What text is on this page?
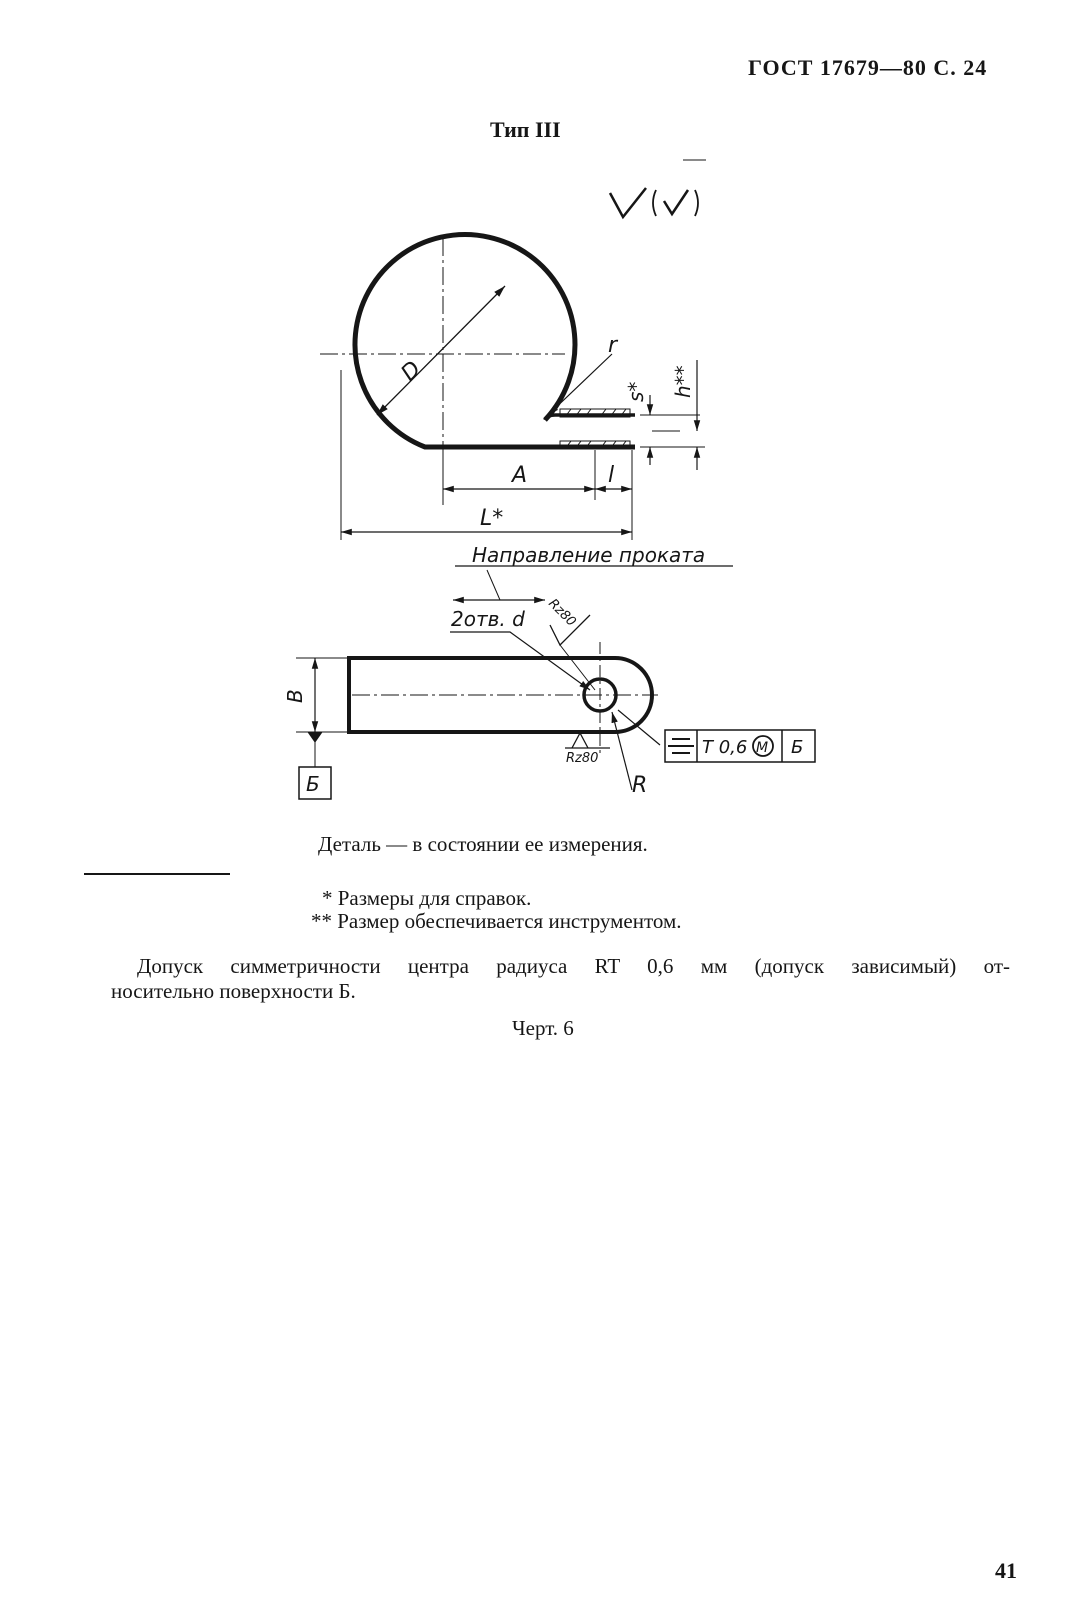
ГОСТ 17679—80 С. 24
Тип III
D
r
s* h**
A	l
L*
Направление проката
2отв. d Rz80
Rz80
B
Б	R
T 0,6 M Б
Деталь — в состоянии ее измерения.
* Размеры для справок.
** Размер обеспечивается инструментом.
Допуск симметричности центра радиуса RT 0,6 мм (допуск зависимый) от-
носительно поверхности Б.
Черт. 6
41
